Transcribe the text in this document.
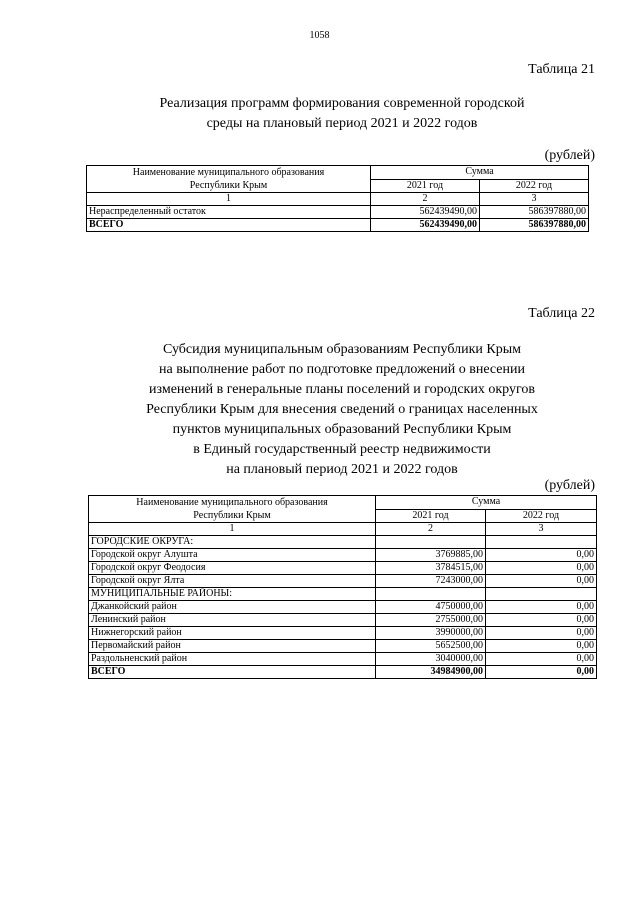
1058
Таблица 21
Реализация программ формирования современной городской
среды на плановый период 2021 и 2022 годов
(рублей)
Наименование муниципального образования
Республики Крым	Сумма	
	2021 год	2022 год
1	2	3
Нераспределенный остаток	562439490,00	586397880,00
ВСЕГО	562439490,00	586397880,00
Таблица 22
Субсидия муниципальным образованиям Республики Крым
на выполнение работ по подготовке предложений о внесении
изменений в генеральные планы поселений и городских округов
Республики Крым для внесения сведений о границах населенных
пунктов муниципальных образований Республики Крым
в Единый государственный реестр недвижимости
на плановый период 2021 и 2022 годов
(рублей)
Наименование муниципального образования
Республики Крым	Сумма	
	2021 год	2022 год
1	2	3
ГОРОДСКИЕ ОКРУГА:		
Городской округ Алушта	3769885,00	0,00
Городской округ Феодосия	3784515,00	0,00
Городской округ Ялта	7243000,00	0,00
МУНИЦИПАЛЬНЫЕ РАЙОНЫ:		
Джанкойский район	4750000,00	0,00
Ленинский район	2755000,00	0,00
Нижнегорский район	3990000,00	0,00
Первомайский район	5652500,00	0,00
Раздольненский район	3040000,00	0,00
ВСЕГО	34984900,00	0,00
